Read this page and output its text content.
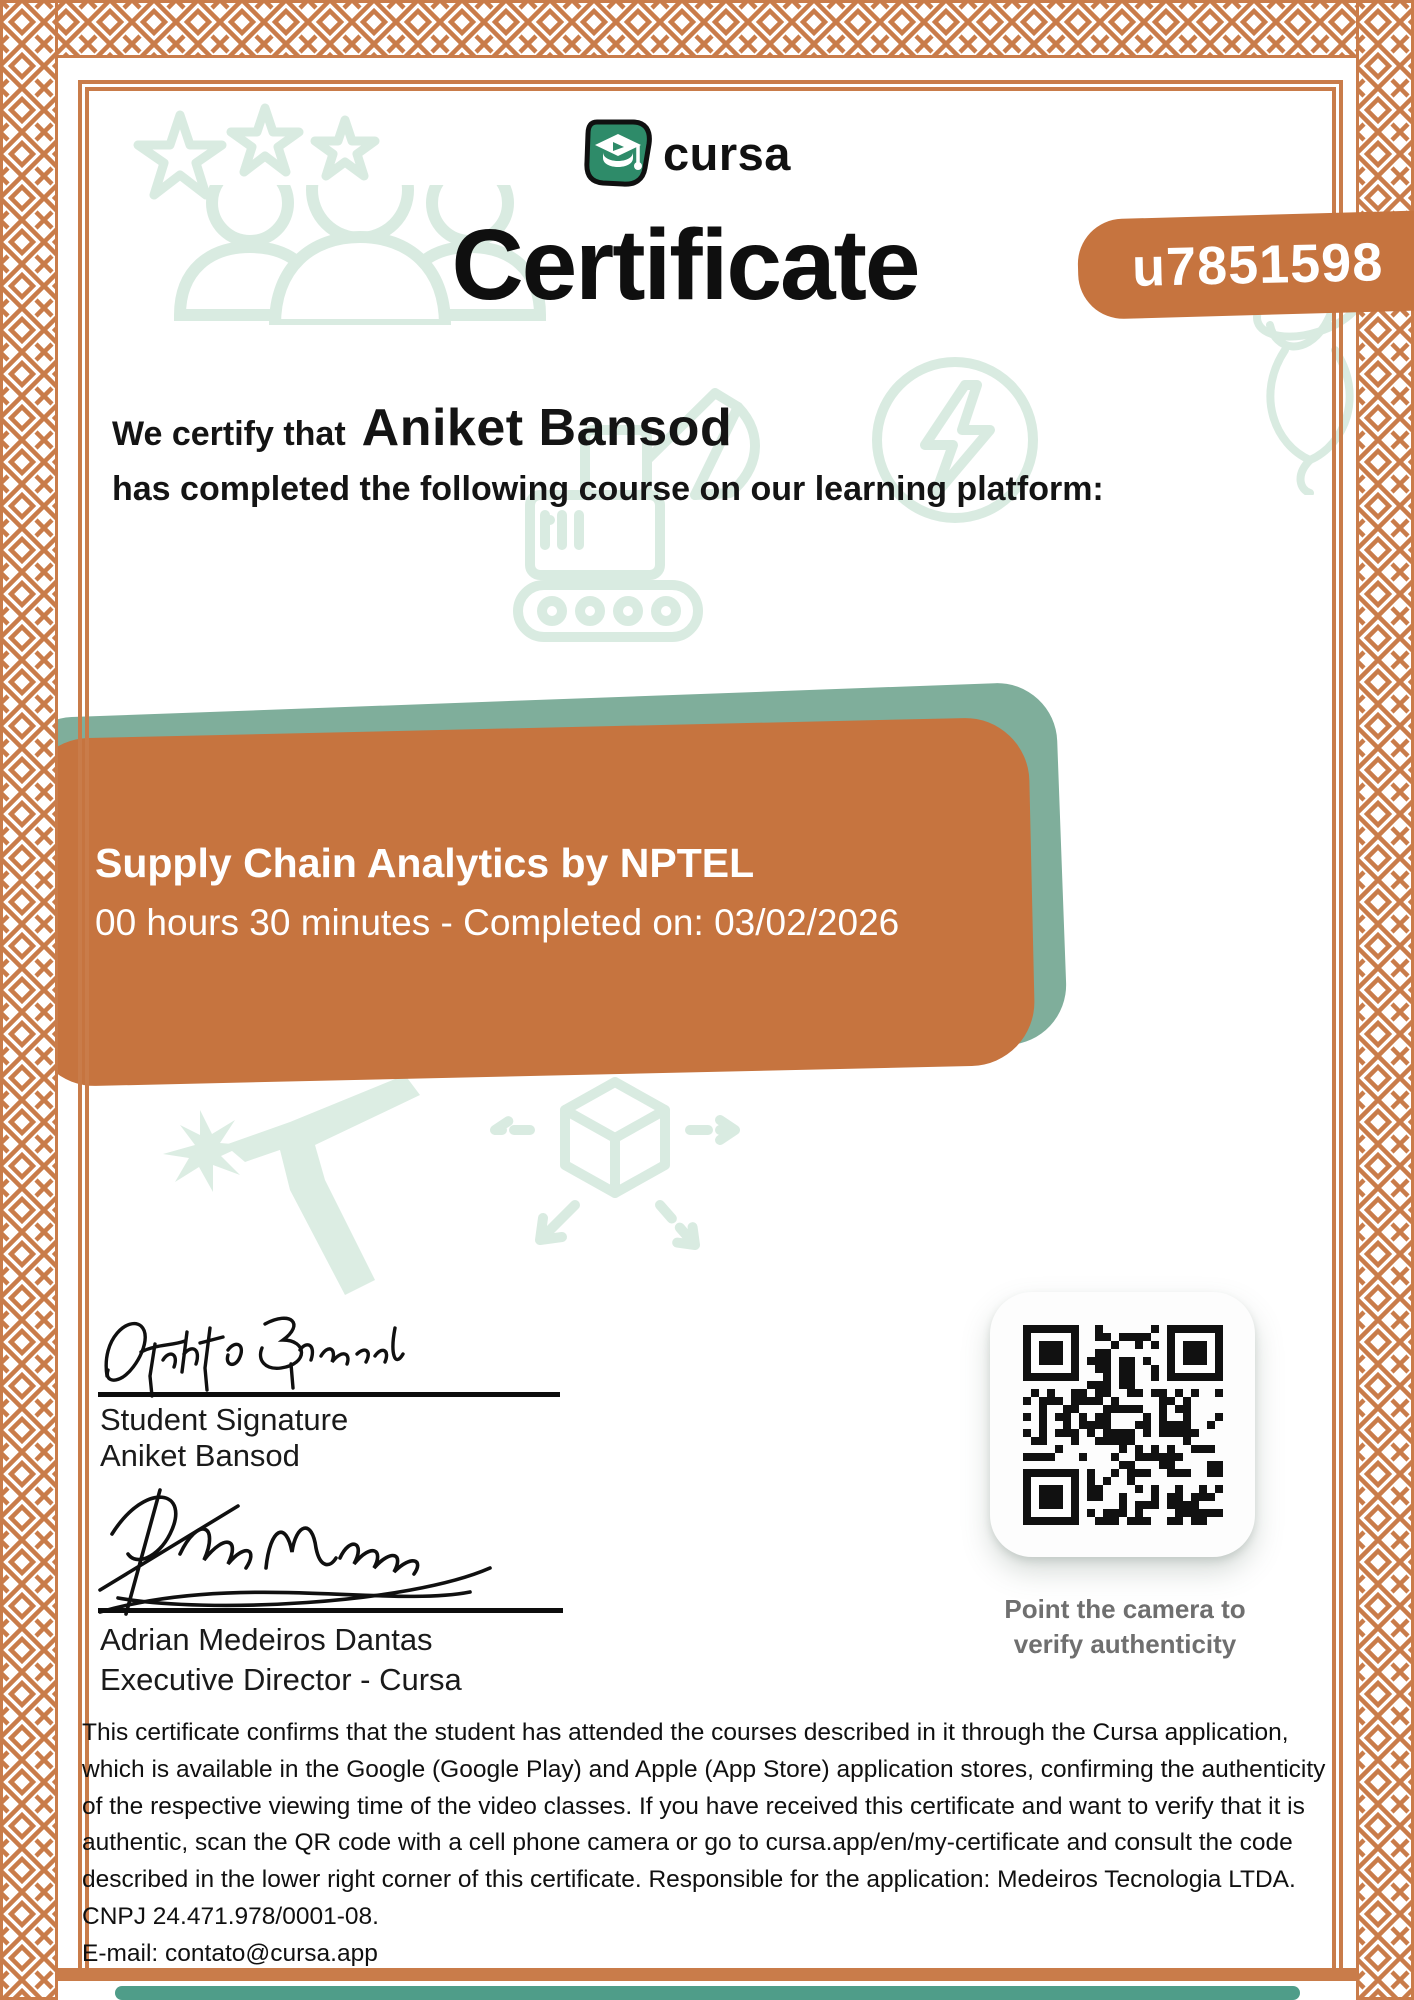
cursa
Certificate	u7851598
We certify that Aniket Bansod
has completed the following course on our learning platform:
Supply Chain Analytics by NPTEL
00 hours 30 minutes - Completed on: 03/02/2026
Student Signature
Aniket Bansod
Adrian Medeiros Dantas
Executive Director - Cursa
Point the camera to
verify authenticity
This certificate confirms that the student has attended the courses described in it through the Cursa application, which is available in the Google (Google Play) and Apple (App Store) application stores, confirming the authenticity of the respective viewing time of the video classes. If you have received this certificate and want to verify that it is authentic, scan the QR code with a cell phone camera or go to cursa.app/en/my-certificate and consult the code described in the lower right corner of this certificate. Responsible for the application: Medeiros Tecnologia LTDA. CNPJ 24.471.978/0001-08.
E-mail: contato@cursa.app
